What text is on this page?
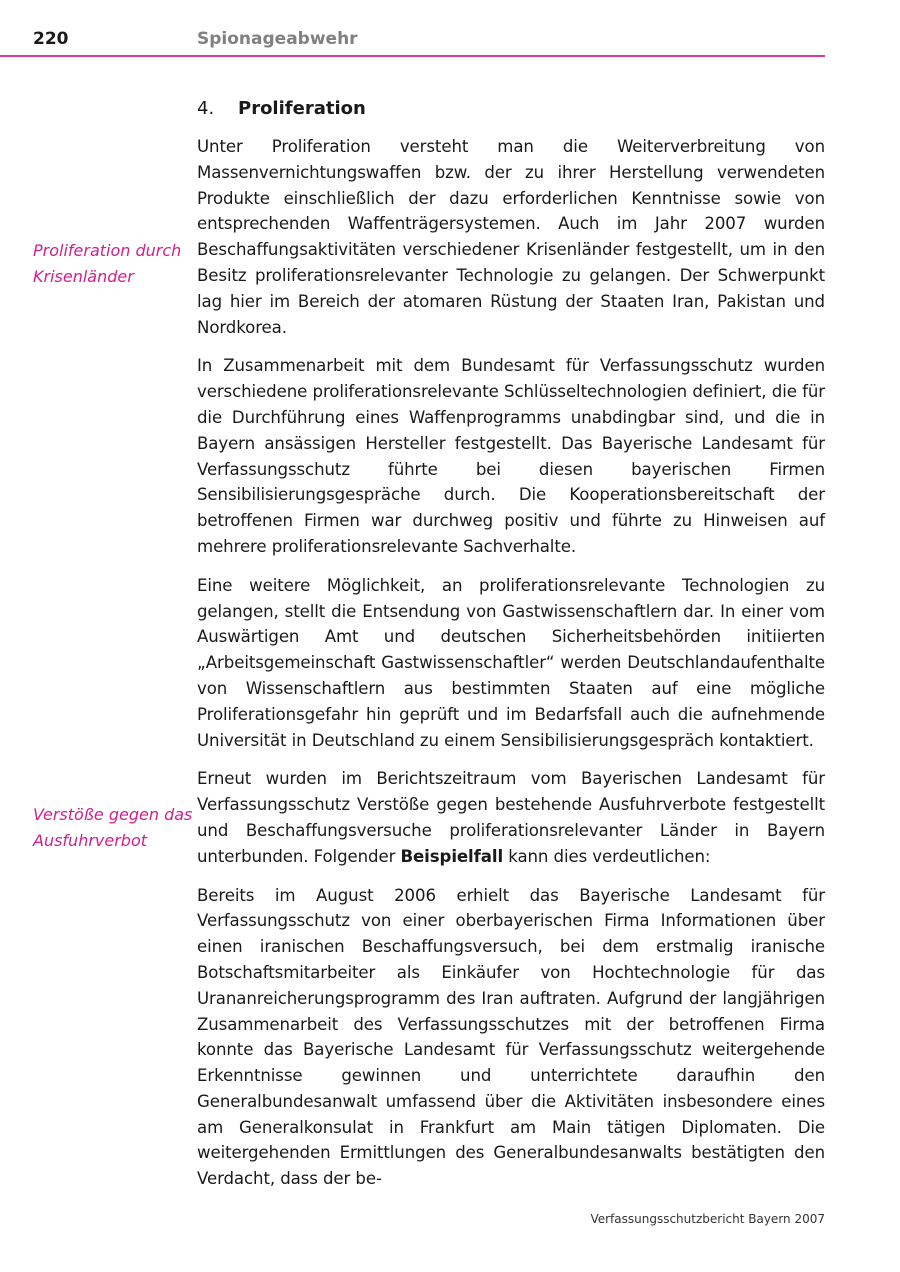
220	Spionageabwehr
Proliferation durch Krisenländer
Verstöße gegen das Ausfuhrverbot
4.	Proliferation

Unter Proliferation versteht man die Weiterverbreitung von Massenvernichtungswaffen bzw. der zu ihrer Herstellung verwendeten Produkte einschließlich der dazu erforderlichen Kenntnisse sowie von entsprechenden Waffenträgersystemen. Auch im Jahr 2007 wurden Beschaffungsaktivitäten verschiedener Krisenländer festgestellt, um in den Besitz proliferationsrelevanter Technologie zu gelangen. Der Schwerpunkt lag hier im Bereich der atomaren Rüstung der Staaten Iran, Pakistan und Nordkorea.

In Zusammenarbeit mit dem Bundesamt für Verfassungsschutz wurden verschiedene proliferationsrelevante Schlüsseltechnologien definiert, die für die Durchführung eines Waffenprogramms unabdingbar sind, und die in Bayern ansässigen Hersteller festgestellt. Das Bayerische Landesamt für Verfassungsschutz führte bei diesen bayerischen Firmen Sensibilisierungsgespräche durch. Die Kooperationsbereitschaft der betroffenen Firmen war durchweg positiv und führte zu Hinweisen auf mehrere proliferationsrelevante Sachverhalte.

Eine weitere Möglichkeit, an proliferationsrelevante Technologien zu gelangen, stellt die Entsendung von Gastwissenschaftlern dar. In einer vom Auswärtigen Amt und deutschen Sicherheitsbehörden initiierten „Arbeitsgemeinschaft Gastwissenschaftler“ werden Deutschlandaufenthalte von Wissenschaftlern aus bestimmten Staaten auf eine mögliche Proliferationsgefahr hin geprüft und im Bedarfsfall auch die aufnehmende Universität in Deutschland zu einem Sensibilisierungsgespräch kontaktiert.

Erneut wurden im Berichtszeitraum vom Bayerischen Landesamt für Verfassungsschutz Verstöße gegen bestehende Ausfuhrverbote festgestellt und Beschaffungsversuche proliferationsrelevanter Länder in Bayern unterbunden. Folgender Beispielfall kann dies verdeutlichen:

Bereits im August 2006 erhielt das Bayerische Landesamt für Verfassungsschutz von einer oberbayerischen Firma Informationen über einen iranischen Beschaffungsversuch, bei dem erstmalig iranische Botschaftsmitarbeiter als Einkäufer von Hochtechnologie für das Urananreicherungsprogramm des Iran auftraten. Aufgrund der langjährigen Zusammenarbeit des Verfassungsschutzes mit der betroffenen Firma konnte das Bayerische Landesamt für Verfassungsschutz weitergehende Erkenntnisse gewinnen und unterrichtete daraufhin den Generalbundesanwalt umfassend über die Aktivitäten insbesondere eines am Generalkonsulat in Frankfurt am Main tätigen Diplomaten. Die weitergehenden Ermittlungen des Generalbundesanwalts bestätigten den Verdacht, dass der be-

Verfassungsschutzbericht Bayern 2007
